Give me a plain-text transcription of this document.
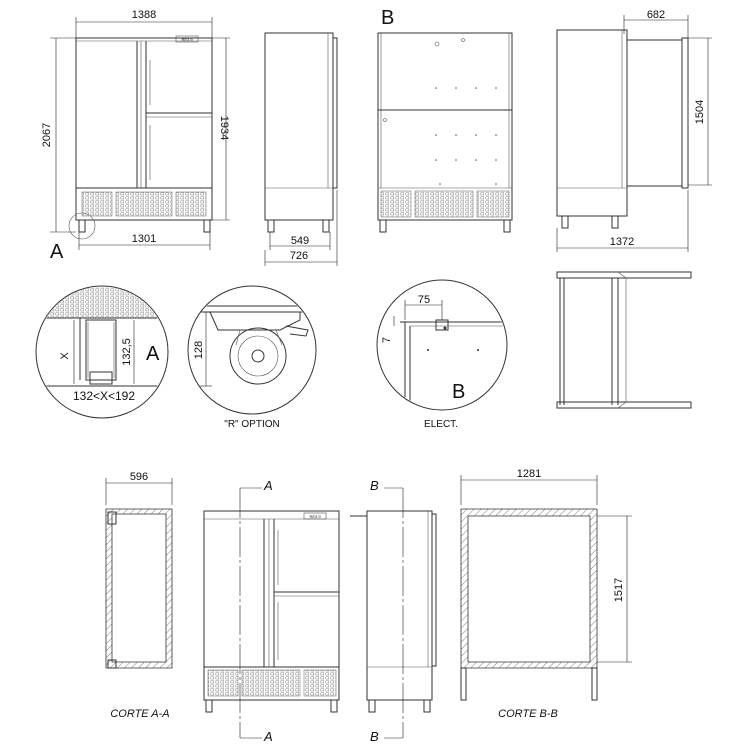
RE3.9
1388
2067	1934
1301
A	549
726
B	682
1504
1372
X	132,5
132<X<192
A	128
"R" OPTION
75
7
B
ELECT.
596
CORTE A-A
RE3.9
A
A
B
B
1281
1517
CORTE B-B
